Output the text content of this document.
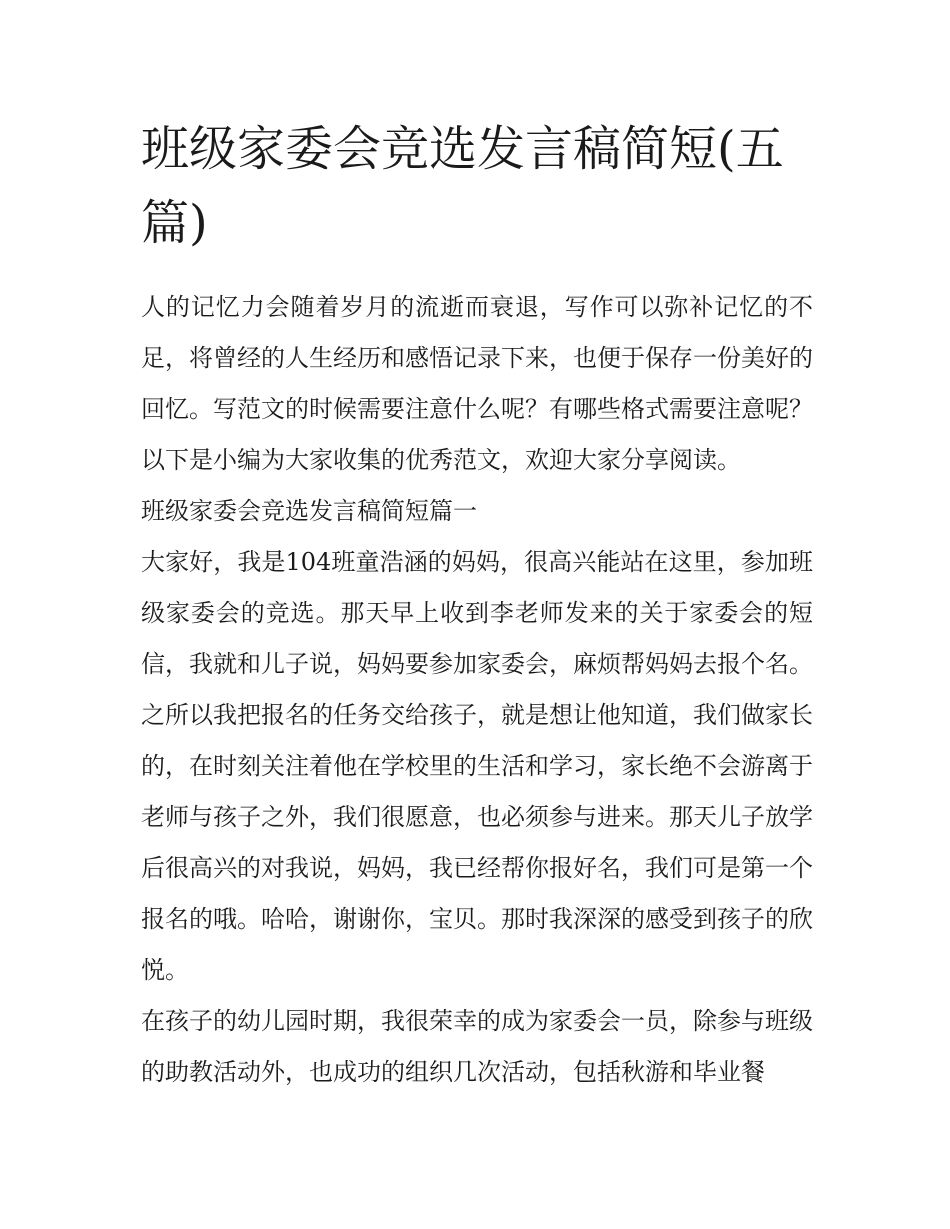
班级家委会竞选发言稿简短(五篇)

人的记忆力会随着岁月的流逝而衰退，写作可以弥补记忆的不足，将曾经的人生经历和感悟记录下来，也便于保存一份美好的回忆。写范文的时候需要注意什么呢？有哪些格式需要注意呢？以下是小编为大家收集的优秀范文，欢迎大家分享阅读。

班级家委会竞选发言稿简短篇一

大家好，我是104班童浩涵的妈妈，很高兴能站在这里，参加班级家委会的竞选。那天早上收到李老师发来的关于家委会的短信，我就和儿子说，妈妈要参加家委会，麻烦帮妈妈去报个名。之所以我把报名的任务交给孩子，就是想让他知道，我们做家长的，在时刻关注着他在学校里的生活和学习，家长绝不会游离于老师与孩子之外，我们很愿意，也必须参与进来。那天儿子放学后很高兴的对我说，妈妈，我已经帮你报好名，我们可是第一个报名的哦。哈哈，谢谢你，宝贝。那时我深深的感受到孩子的欣悦。

在孩子的幼儿园时期，我很荣幸的成为家委会一员，除参与班级的助教活动外，也成功的组织几次活动，包括秋游和毕业餐
